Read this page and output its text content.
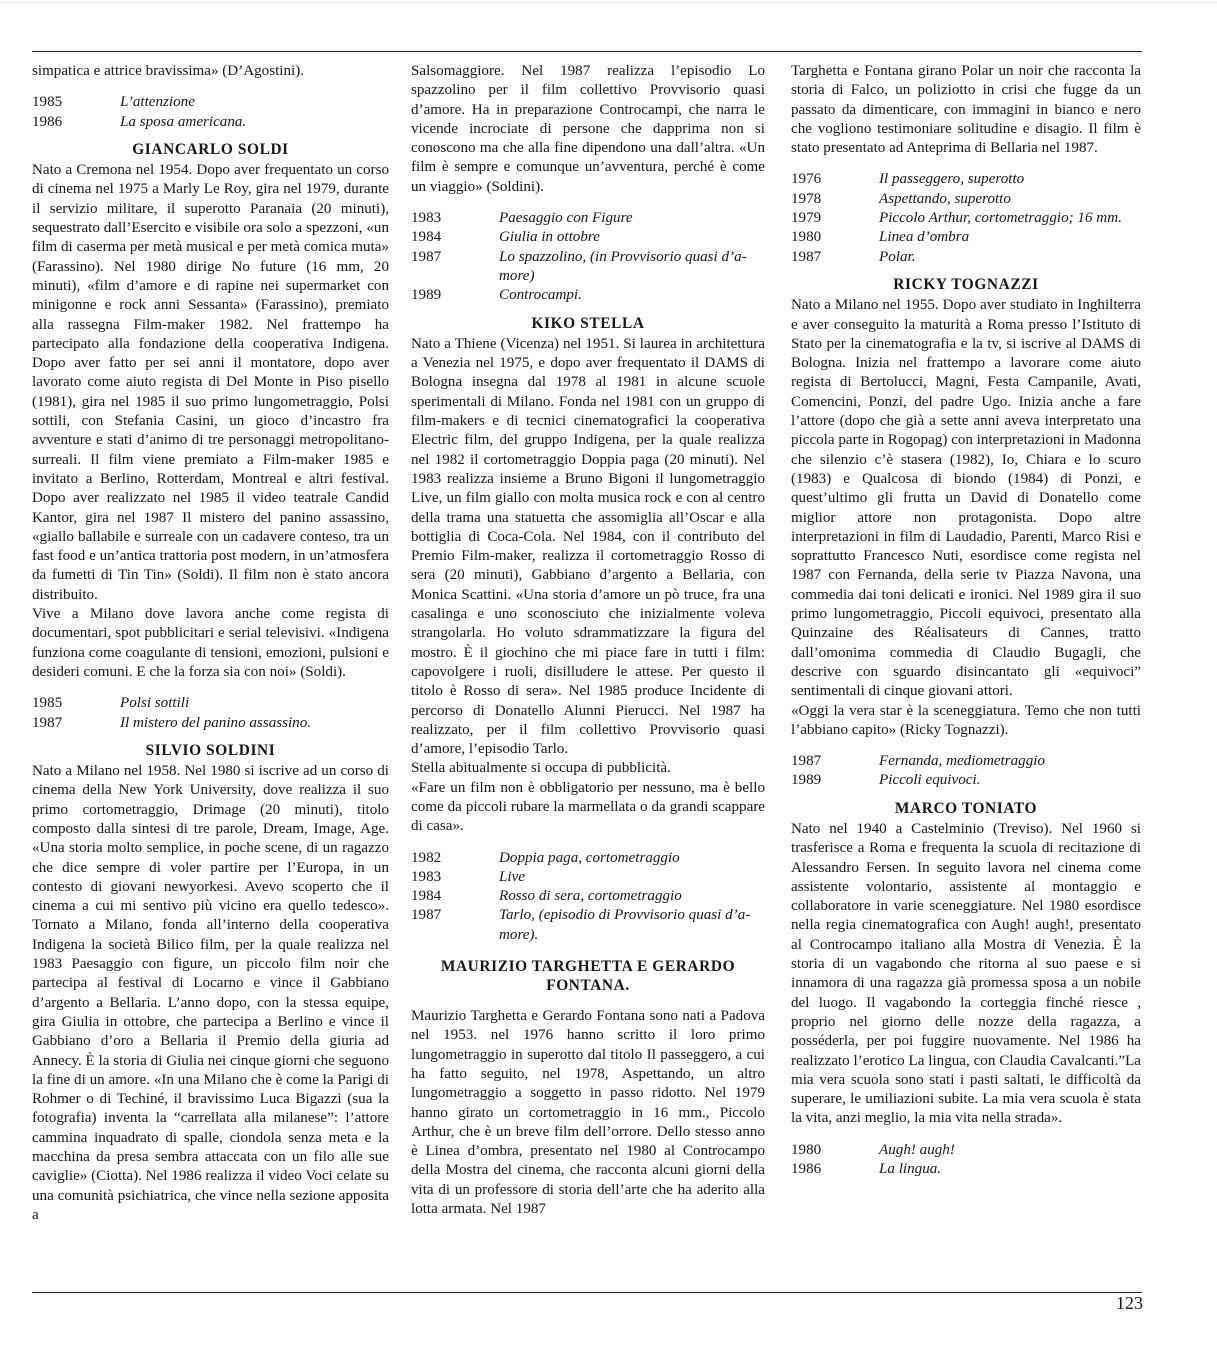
simpatica e attrice bravissima» (D’Agostini).

1985	L’attenzione
1986	La sposa americana.
GIANCARLO SOLDI

Nato a Cremona nel 1954. Dopo aver frequentato un corso di cinema nel 1975 a Marly Le Roy, gira nel 1979, durante il servizio militare, il superotto Paranaia (20 minuti), sequestrato dall’Esercito e visibile ora solo a spezzoni, «un film di caserma per metà musical e per metà comica muta» (Farassino). Nel 1980 dirige No future (16 mm, 20 minuti), «film d’amore e di rapine nei supermarket con minigonne e rock anni Sessanta» (Farassino), premiato alla rassegna Film-maker 1982. Nel frattempo ha partecipato alla fondazione della cooperativa Indigena. Dopo aver fatto per sei anni il montatore, dopo aver lavorato come aiuto regista di Del Monte in Piso pisello (1981), gira nel 1985 il suo primo lungometraggio, Polsi sottili, con Stefania Casini, un gioco d’incastro fra avventure e stati d’animo di tre personaggi metropolitano-surreali. Il film viene premiato a Film-maker 1985 e invitato a Berlino, Rotterdam, Montreal e altri festival. Dopo aver realizzato nel 1985 il video teatrale Candid Kantor, gira nel 1987 Il mistero del panino assassino, «giallo ballabile e surreale con un cadavere conteso, tra un fast food e un’antica trattoria post modern, in un’atmosfera da fumetti di Tin Tin» (Soldi). Il film non è stato ancora distribuito.

Vive a Milano dove lavora anche come regista di documentari, spot pubblicitari e serial televisivi. «Indigena funziona come coagulante di tensioni, emozioni, pulsioni e desideri comuni. E che la forza sia con noi» (Soldi).

1985	Polsi sottili
1987	Il mistero del panino assassino.
SILVIO SOLDINI

Nato a Milano nel 1958. Nel 1980 si iscrive ad un corso di cinema della New York University, dove realizza il suo primo cortometraggio, Drimage (20 minuti), titolo composto dalla sintesi di tre parole, Dream, Image, Age. «Una storia molto semplice, in poche scene, di un ragazzo che dice sempre di voler partire per l’Europa, in un contesto di giovani newyorkesi. Avevo scoperto che il cinema a cui mi sentivo più vicino era quello tedesco». Tornato a Milano, fonda all’interno della cooperativa Indigena la società Bilico film, per la quale realizza nel 1983 Paesaggio con figure, un piccolo film noir che partecipa al festival di Locarno e vince il Gabbiano d’argento a Bellaria. L’anno dopo, con la stessa equipe, gira Giulia in ottobre, che partecipa a Berlino e vince il Gabbiano d’oro a Bellaria il Premio della giuria ad Annecy. È la storia di Giulia nei cinque giorni che seguono la fine di un amore. «In una Milano che è come la Parigi di Rohmer o di Techiné, il bravissimo Luca Bigazzi (sua la fotografia) inventa la “carrellata alla milanese”: l’attore cammina inquadrato di spalle, ciondola senza meta e la macchina da presa sembra attaccata con un filo alle sue caviglie» (Ciotta). Nel 1986 realizza il video Voci celate su una comunità psichiatrica, che vince nella sezione apposita a

Salsomaggiore. Nel 1987 realizza l’episodio Lo spazzolino per il film collettivo Provvisorio quasi d’amore. Ha in preparazione Controcampi, che narra le vicende incrociate di persone che dapprima non si conoscono ma che alla fine dipendono una dall’altra. «Un film è sempre e comunque un’avventura, perché è come un viaggio» (Soldini).

1983	Paesaggio con Figure
1984	Giulia in ottobre
1987	Lo spazzolino, (in Provvisorio quasi d’a-more)
1989	Controcampi.
KIKO STELLA

Nato a Thiene (Vicenza) nel 1951. Si laurea in architettura a Venezia nel 1975, e dopo aver frequentato il DAMS di Bologna insegna dal 1978 al 1981 in alcune scuole sperimentali di Milano. Fonda nel 1981 con un gruppo di film-makers e di tecnici cinematografici la cooperativa Electric film, del gruppo Indigena, per la quale realizza nel 1982 il cortometraggio Doppia paga (20 minuti). Nel 1983 realizza insieme a Bruno Bigoni il lungometraggio Live, un film giallo con molta musica rock e con al centro della trama una statuetta che assomiglia all’Oscar e alla bottiglia di Coca-Cola. Nel 1984, con il contributo del Premio Film-maker, realizza il cortometraggio Rosso di sera (20 minuti), Gabbiano d’argento a Bellaria, con Monica Scattini. «Una storia d’amore un pò truce, fra una casalinga e uno sconosciuto che inizialmente voleva strangolarla. Ho voluto sdrammatizzare la figura del mostro. È il giochino che mi piace fare in tutti i film: capovolgere i ruoli, disilludere le attese. Per questo il titolo è Rosso di sera». Nel 1985 produce Incidente di percorso di Donatello Alunni Pierucci. Nel 1987 ha realizzato, per il film collettivo Provvisorio quasi d’amore, l’episodio Tarlo.

Stella abitualmente si occupa di pubblicità.

«Fare un film non è obbligatorio per nessuno, ma è bello come da piccoli rubare la marmellata o da grandi scappare di casa».

1982	Doppia paga, cortometraggio
1983	Live
1984	Rosso di sera, cortometraggio
1987	Tarlo, (episodio di Provvisorio quasi d’a-more).
MAURIZIO TARGHETTA E GERARDO FONTANA.

Maurizio Targhetta e Gerardo Fontana sono nati a Padova nel 1953. nel 1976 hanno scritto il loro primo lungometraggio in superotto dal titolo Il passeggero, a cui ha fatto seguito, nel 1978, Aspettando, un altro lungometraggio a soggetto in passo ridotto. Nel 1979 hanno girato un cortometraggio in 16 mm., Piccolo Arthur, che è un breve film dell’orrore. Dello stesso anno è Linea d’ombra, presentato nel 1980 al Controcampo della Mostra del cinema, che racconta alcuni giorni della vita di un professore di storia dell’arte che ha aderito alla lotta armata. Nel 1987

Targhetta e Fontana girano Polar un noir che racconta la storia di Falco, un poliziotto in crisi che fugge da un passato da dimenticare, con immagini in bianco e nero che vogliono testimoniare solitudine e disagio. Il film è stato presentato ad Anteprima di Bellaria nel 1987.

1976	Il passeggero, superotto
1978	Aspettando, superotto
1979	Piccolo Arthur, cortometraggio; 16 mm.
1980	Linea d’ombra
1987	Polar.
RICKY TOGNAZZI

Nato a Milano nel 1955. Dopo aver studiato in Inghilterra e aver conseguito la maturità a Roma presso l’Istituto di Stato per la cinematografia e la tv, si iscrive al DAMS di Bologna. Inizia nel frattempo a lavorare come aiuto regista di Bertolucci, Magni, Festa Campanile, Avati, Comencini, Ponzi, del padre Ugo. Inizia anche a fare l’attore (dopo che già a sette anni aveva interpretato una piccola parte in Rogopag) con interpretazioni in Madonna che silenzio c’è stasera (1982), Io, Chiara e lo scuro (1983) e Qualcosa di biondo (1984) di Ponzi, e quest’ultimo gli frutta un David di Donatello come miglior attore non protagonista. Dopo altre interpretazioni in film di Laudadio, Parenti, Marco Risi e soprattutto Francesco Nuti, esordisce come regista nel 1987 con Fernanda, della serie tv Piazza Navona, una commedia dai toni delicati e ironici. Nel 1989 gira il suo primo lungometraggio, Piccoli equivoci, presentato alla Quinzaine des Réalisateurs di Cannes, tratto dall’omonima commedia di Claudio Bugagli, che descrive con sguardo disincantato gli «equivoci” sentimentali di cinque giovani attori.

«Oggi la vera star è la sceneggiatura. Temo che non tutti l’abbiano capito» (Ricky Tognazzi).

1987	Fernanda, mediometraggio
1989	Piccoli equivoci.
MARCO TONIATO

Nato nel 1940 a Castelminio (Treviso). Nel 1960 si trasferisce a Roma e frequenta la scuola di recitazione di Alessandro Fersen. In seguito lavora nel cinema come assistente volontario, assistente al montaggio e collaboratore in varie sceneggiature. Nel 1980 esordisce nella regia cinematografica con Augh! augh!, presentato al Controcampo italiano alla Mostra di Venezia. È la storia di un vagabondo che ritorna al suo paese e si innamora di una ragazza già promessa sposa a un nobile del luogo. Il vagabondo la corteggia finché riesce , proprio nel giorno delle nozze della ragazza, a posséderla, per poi fuggire nuovamente. Nel 1986 ha realizzato l’erotico La lingua, con Claudia Cavalcanti.”La mia vera scuola sono stati i pasti saltati, le difficoltà da superare, le umiliazioni subite. La mia vera scuola è stata la vita, anzi meglio, la mia vita nella strada».

1980	Augh! augh!
1986	La lingua.
123
